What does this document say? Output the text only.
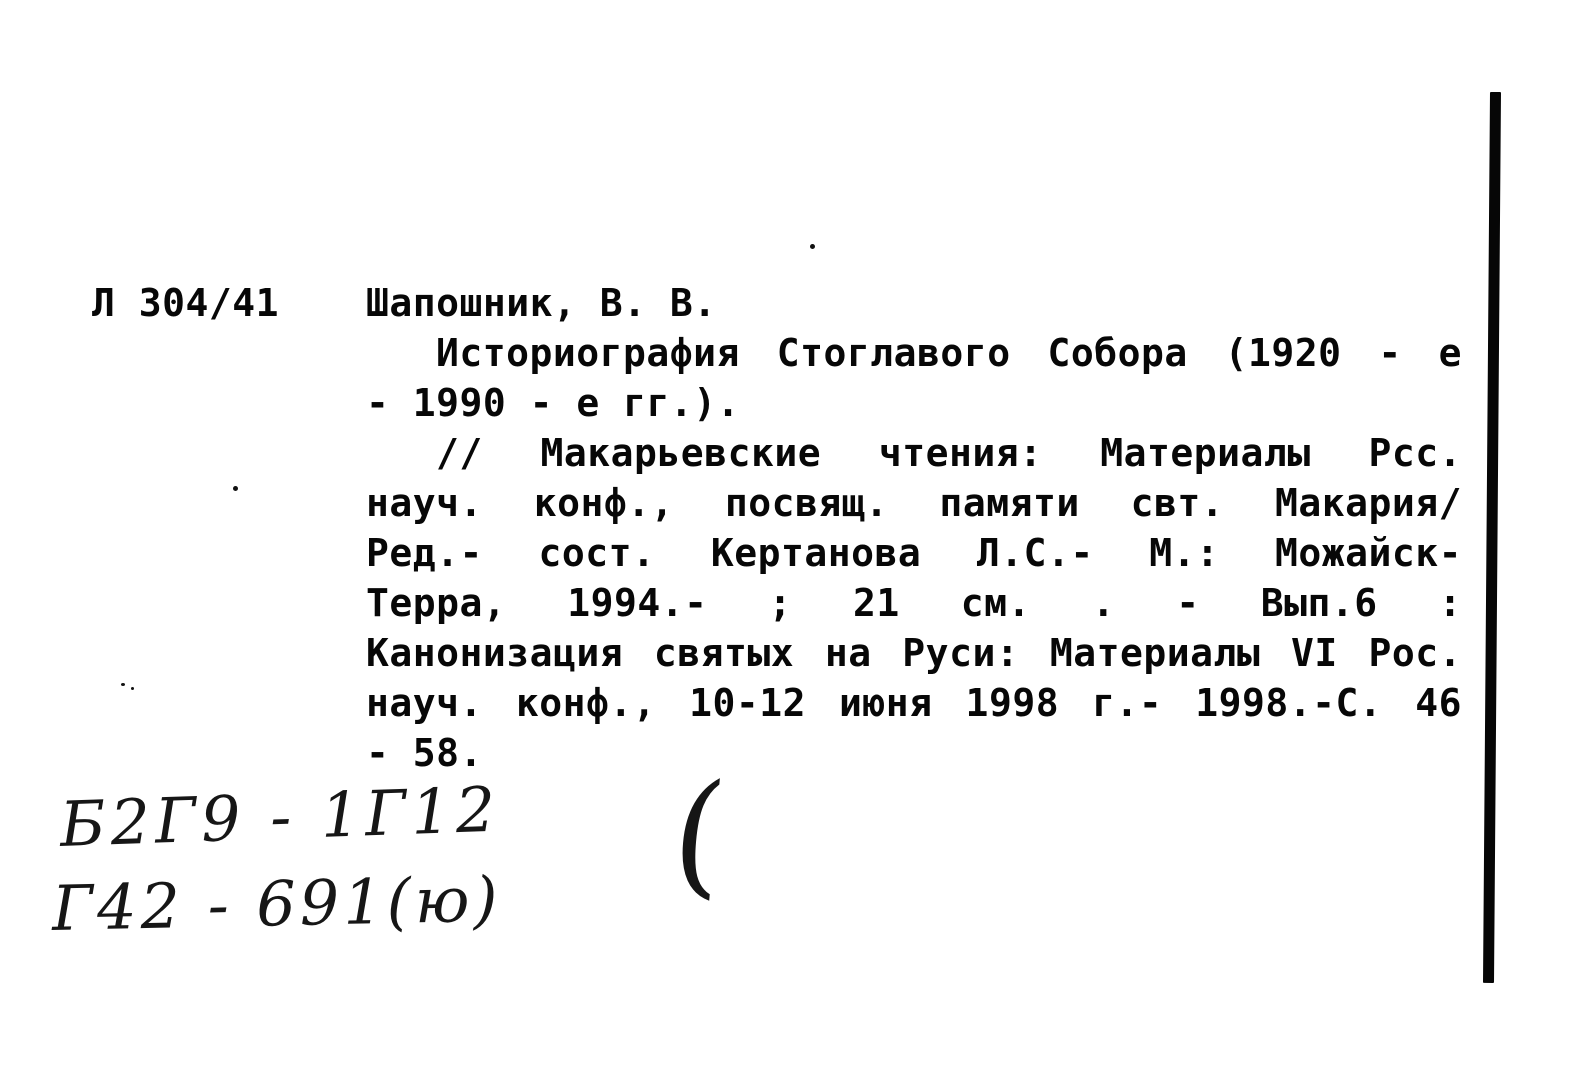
Л 304/41 Шапошник, В. В.
Историография Стоглавого Собора (1920 - е
- 1990 - е гг.).
// Макарьевские чтения: Материалы Рсс.
науч. конф., посвящ. памяти свт. Макария/
Ред.- сост. Кертанова Л.С.- М.: Можайск-
Терра, 1994.- ; 21 см. . - Вып.6 :
Канонизация святых на Руси: Материалы VI Рос.
науч. конф., 10-12 июня 1998 г.- 1998.-С. 46
- 58.
Б2Г9 - 1Г12
Г42 - 691(ю) (
